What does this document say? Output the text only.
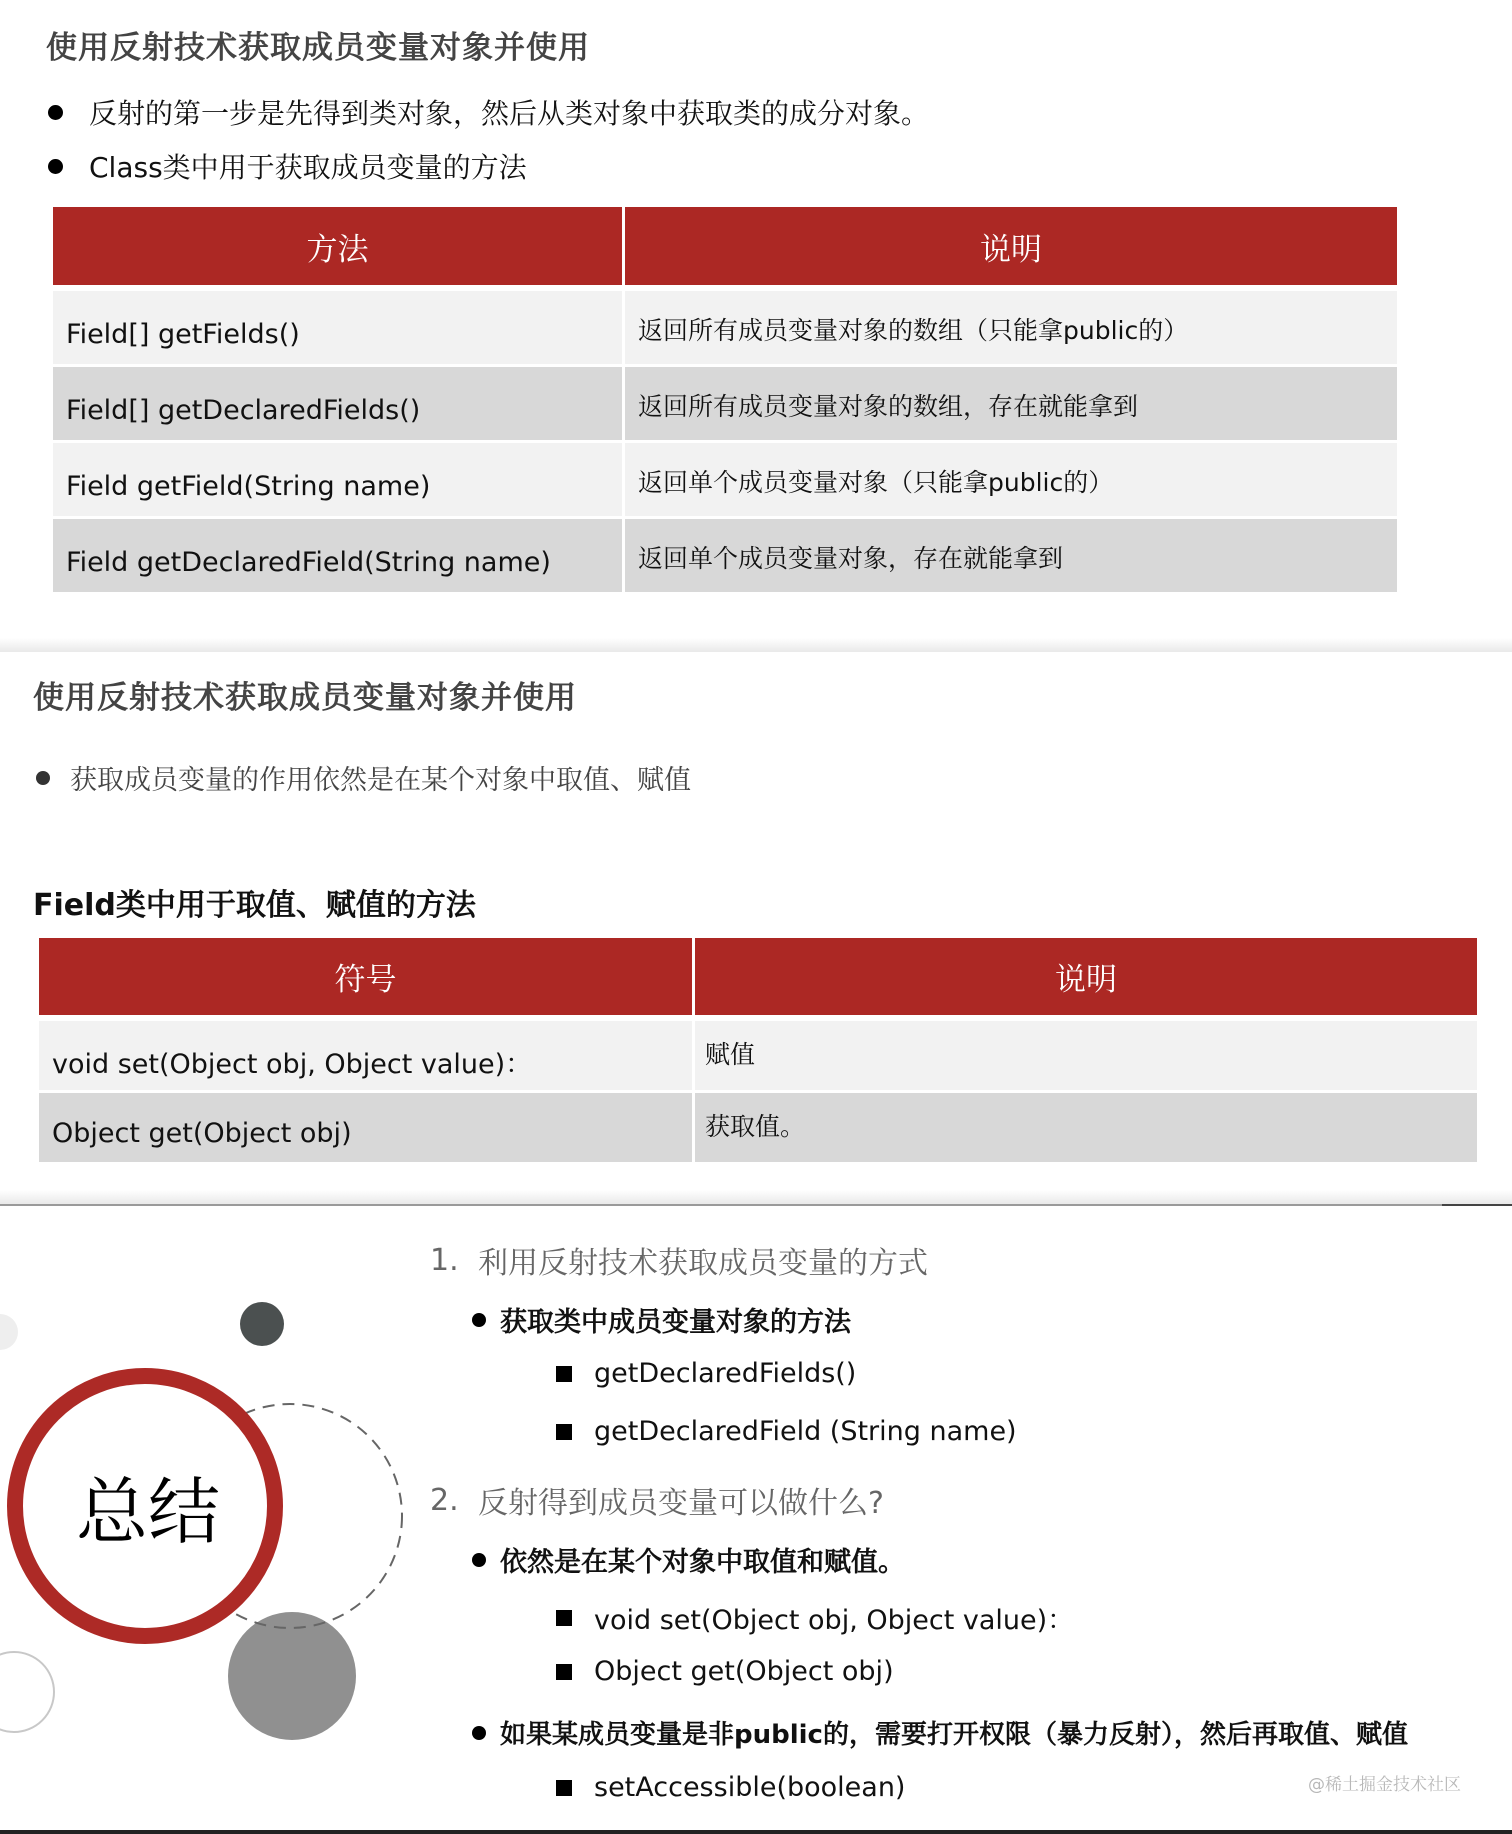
使用反射技术获取成员变量对象并使用
反射的第一步是先得到类对象，然后从类对象中获取类的成分对象。
Class类中用于获取成员变量的方法
方法	说明
Field[] getFields()	返回所有成员变量对象的数组（只能拿public的）
Field[] getDeclaredFields()	返回所有成员变量对象的数组，存在就能拿到
Field getField(String name)	返回单个成员变量对象（只能拿public的）
Field getDeclaredField(String name)	返回单个成员变量对象，存在就能拿到
使用反射技术获取成员变量对象并使用
获取成员变量的作用依然是在某个对象中取值、赋值
Field类中用于取值、赋值的方法
符号	说明
void set(Object obj, Object value)：	赋值
Object get(Object obj)	获取值。
总结
1. 利用反射技术获取成员变量的方式
获取类中成员变量对象的方法
getDeclaredFields()
getDeclaredField (String name)
2. 反射得到成员变量可以做什么?
依然是在某个对象中取值和赋值。
void set(Object obj, Object value)：
Object get(Object obj)
如果某成员变量是非public的，需要打开权限（暴力反射），然后再取值、赋值
setAccessible(boolean)	@稀土掘金技术社区
